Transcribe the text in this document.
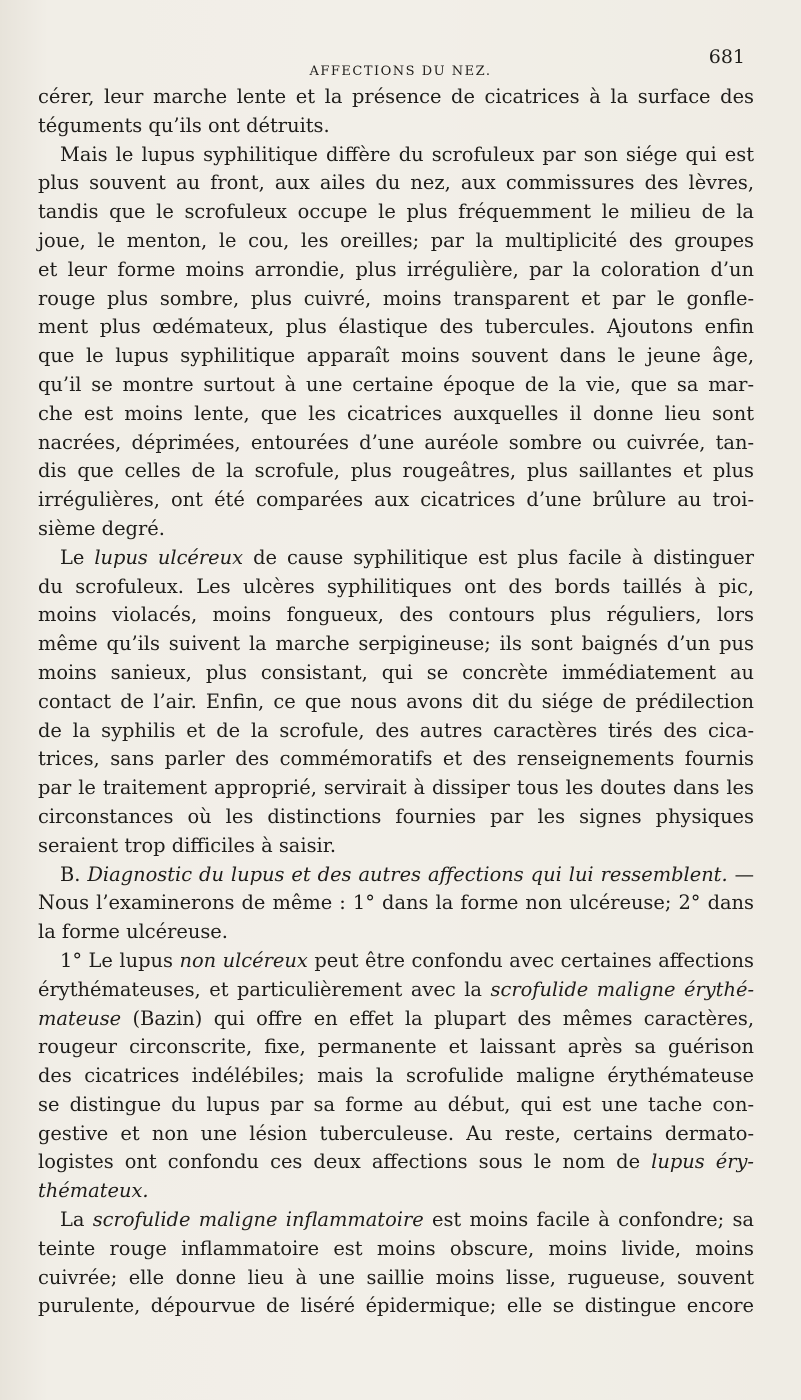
AFFECTIONS DU NEZ.
681
cérer, leur marche lente et la présence de cicatrices à la surface des
téguments qu’ils ont détruits.
Mais le lupus syphilitique diffère du scrofuleux par son siége qui est
plus souvent au front, aux ailes du nez, aux commissures des lèvres,
tandis que le scrofuleux occupe le plus fréquemment le milieu de la
joue, le menton, le cou, les oreilles; par la multiplicité des groupes
et leur forme moins arrondie, plus irrégulière, par la coloration d’un
rouge plus sombre, plus cuivré, moins transparent et par le gonfle-
ment plus œdémateux, plus élastique des tubercules. Ajoutons enfin
que le lupus syphilitique apparaît moins souvent dans le jeune âge,
qu’il se montre surtout à une certaine époque de la vie, que sa mar-
che est moins lente, que les cicatrices auxquelles il donne lieu sont
nacrées, déprimées, entourées d’une auréole sombre ou cuivrée, tan-
dis que celles de la scrofule, plus rougeâtres, plus saillantes et plus
irrégulières, ont été comparées aux cicatrices d’une brûlure au troi-
sième degré.
Le lupus ulcéreux de cause syphilitique est plus facile à distinguer
du scrofuleux. Les ulcères syphilitiques ont des bords taillés à pic,
moins violacés, moins fongueux, des contours plus réguliers, lors
même qu’ils suivent la marche serpigineuse; ils sont baignés d’un pus
moins sanieux, plus consistant, qui se concrète immédiatement au
contact de l’air. Enfin, ce que nous avons dit du siége de prédilection
de la syphilis et de la scrofule, des autres caractères tirés des cica-
trices, sans parler des commémoratifs et des renseignements fournis
par le traitement approprié, servirait à dissiper tous les doutes dans les
circonstances où les distinctions fournies par les signes physiques
seraient trop difficiles à saisir.
B. Diagnostic du lupus et des autres affections qui lui ressemblent. —
Nous l’examinerons de même : 1° dans la forme non ulcéreuse; 2° dans
la forme ulcéreuse.
1° Le lupus non ulcéreux peut être confondu avec certaines affections
érythémateuses, et particulièrement avec la scrofulide maligne érythé-
mateuse (Bazin) qui offre en effet la plupart des mêmes caractères,
rougeur circonscrite, fixe, permanente et laissant après sa guérison
des cicatrices indélébiles; mais la scrofulide maligne érythémateuse
se distingue du lupus par sa forme au début, qui est une tache con-
gestive et non une lésion tuberculeuse. Au reste, certains dermato-
logistes ont confondu ces deux affections sous le nom de lupus éry-
thémateux.
La scrofulide maligne inflammatoire est moins facile à confondre; sa
teinte rouge inflammatoire est moins obscure, moins livide, moins
cuivrée; elle donne lieu à une saillie moins lisse, rugueuse, souvent
purulente, dépourvue de liséré épidermique; elle se distingue encore
